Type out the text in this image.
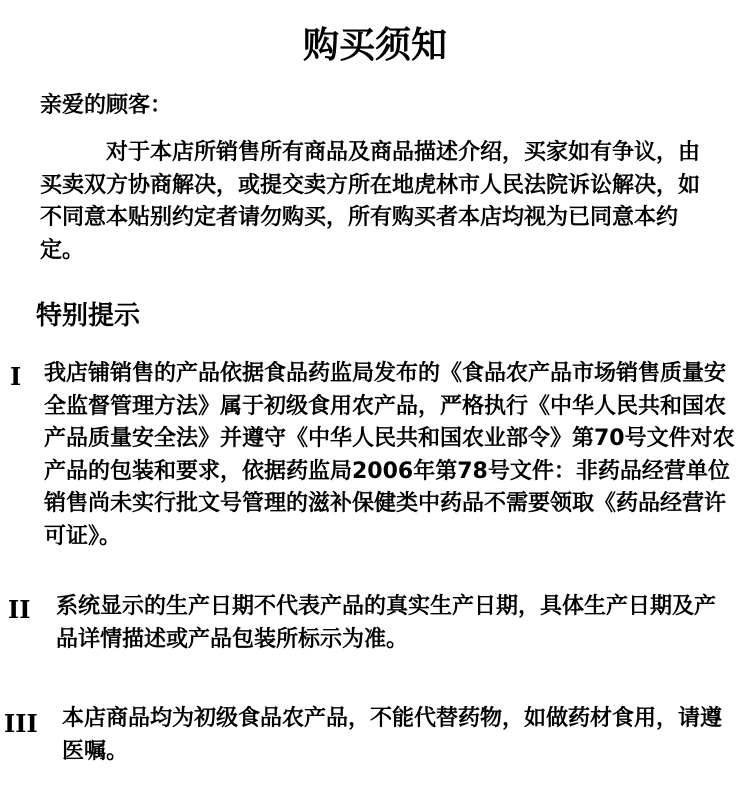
购买须知
亲爱的顾客：

对于本店所销售所有商品及商品描述介绍，买家如有争议，由买卖双方协商解决，或提交卖方所在地虎林市人民法院诉讼解决，如不同意本贴别约定者请勿购买，所有购买者本店均视为已同意本约定。

特别提示
I 我店铺销售的产品依据食品药监局发布的《食品农产品市场销售质量安全监督管理方法》属于初级食用农产品，严格执行《中华人民共和国农产品质量安全法》并遵守《中华人民共和国农业部令》第70号文件对农产品的包装和要求，依据药监局2006年第78号文件：非药品经营单位销售尚未实行批文号管理的滋补保健类中药品不需要领取《药品经营许可证》。

II 系统显示的生产日期不代表产品的真实生产日期，具体生产日期及产品详情描述或产品包装所标示为准。

III 本店商品均为初级食品农产品，不能代替药物，如做药材食用，请遵医嘱。
